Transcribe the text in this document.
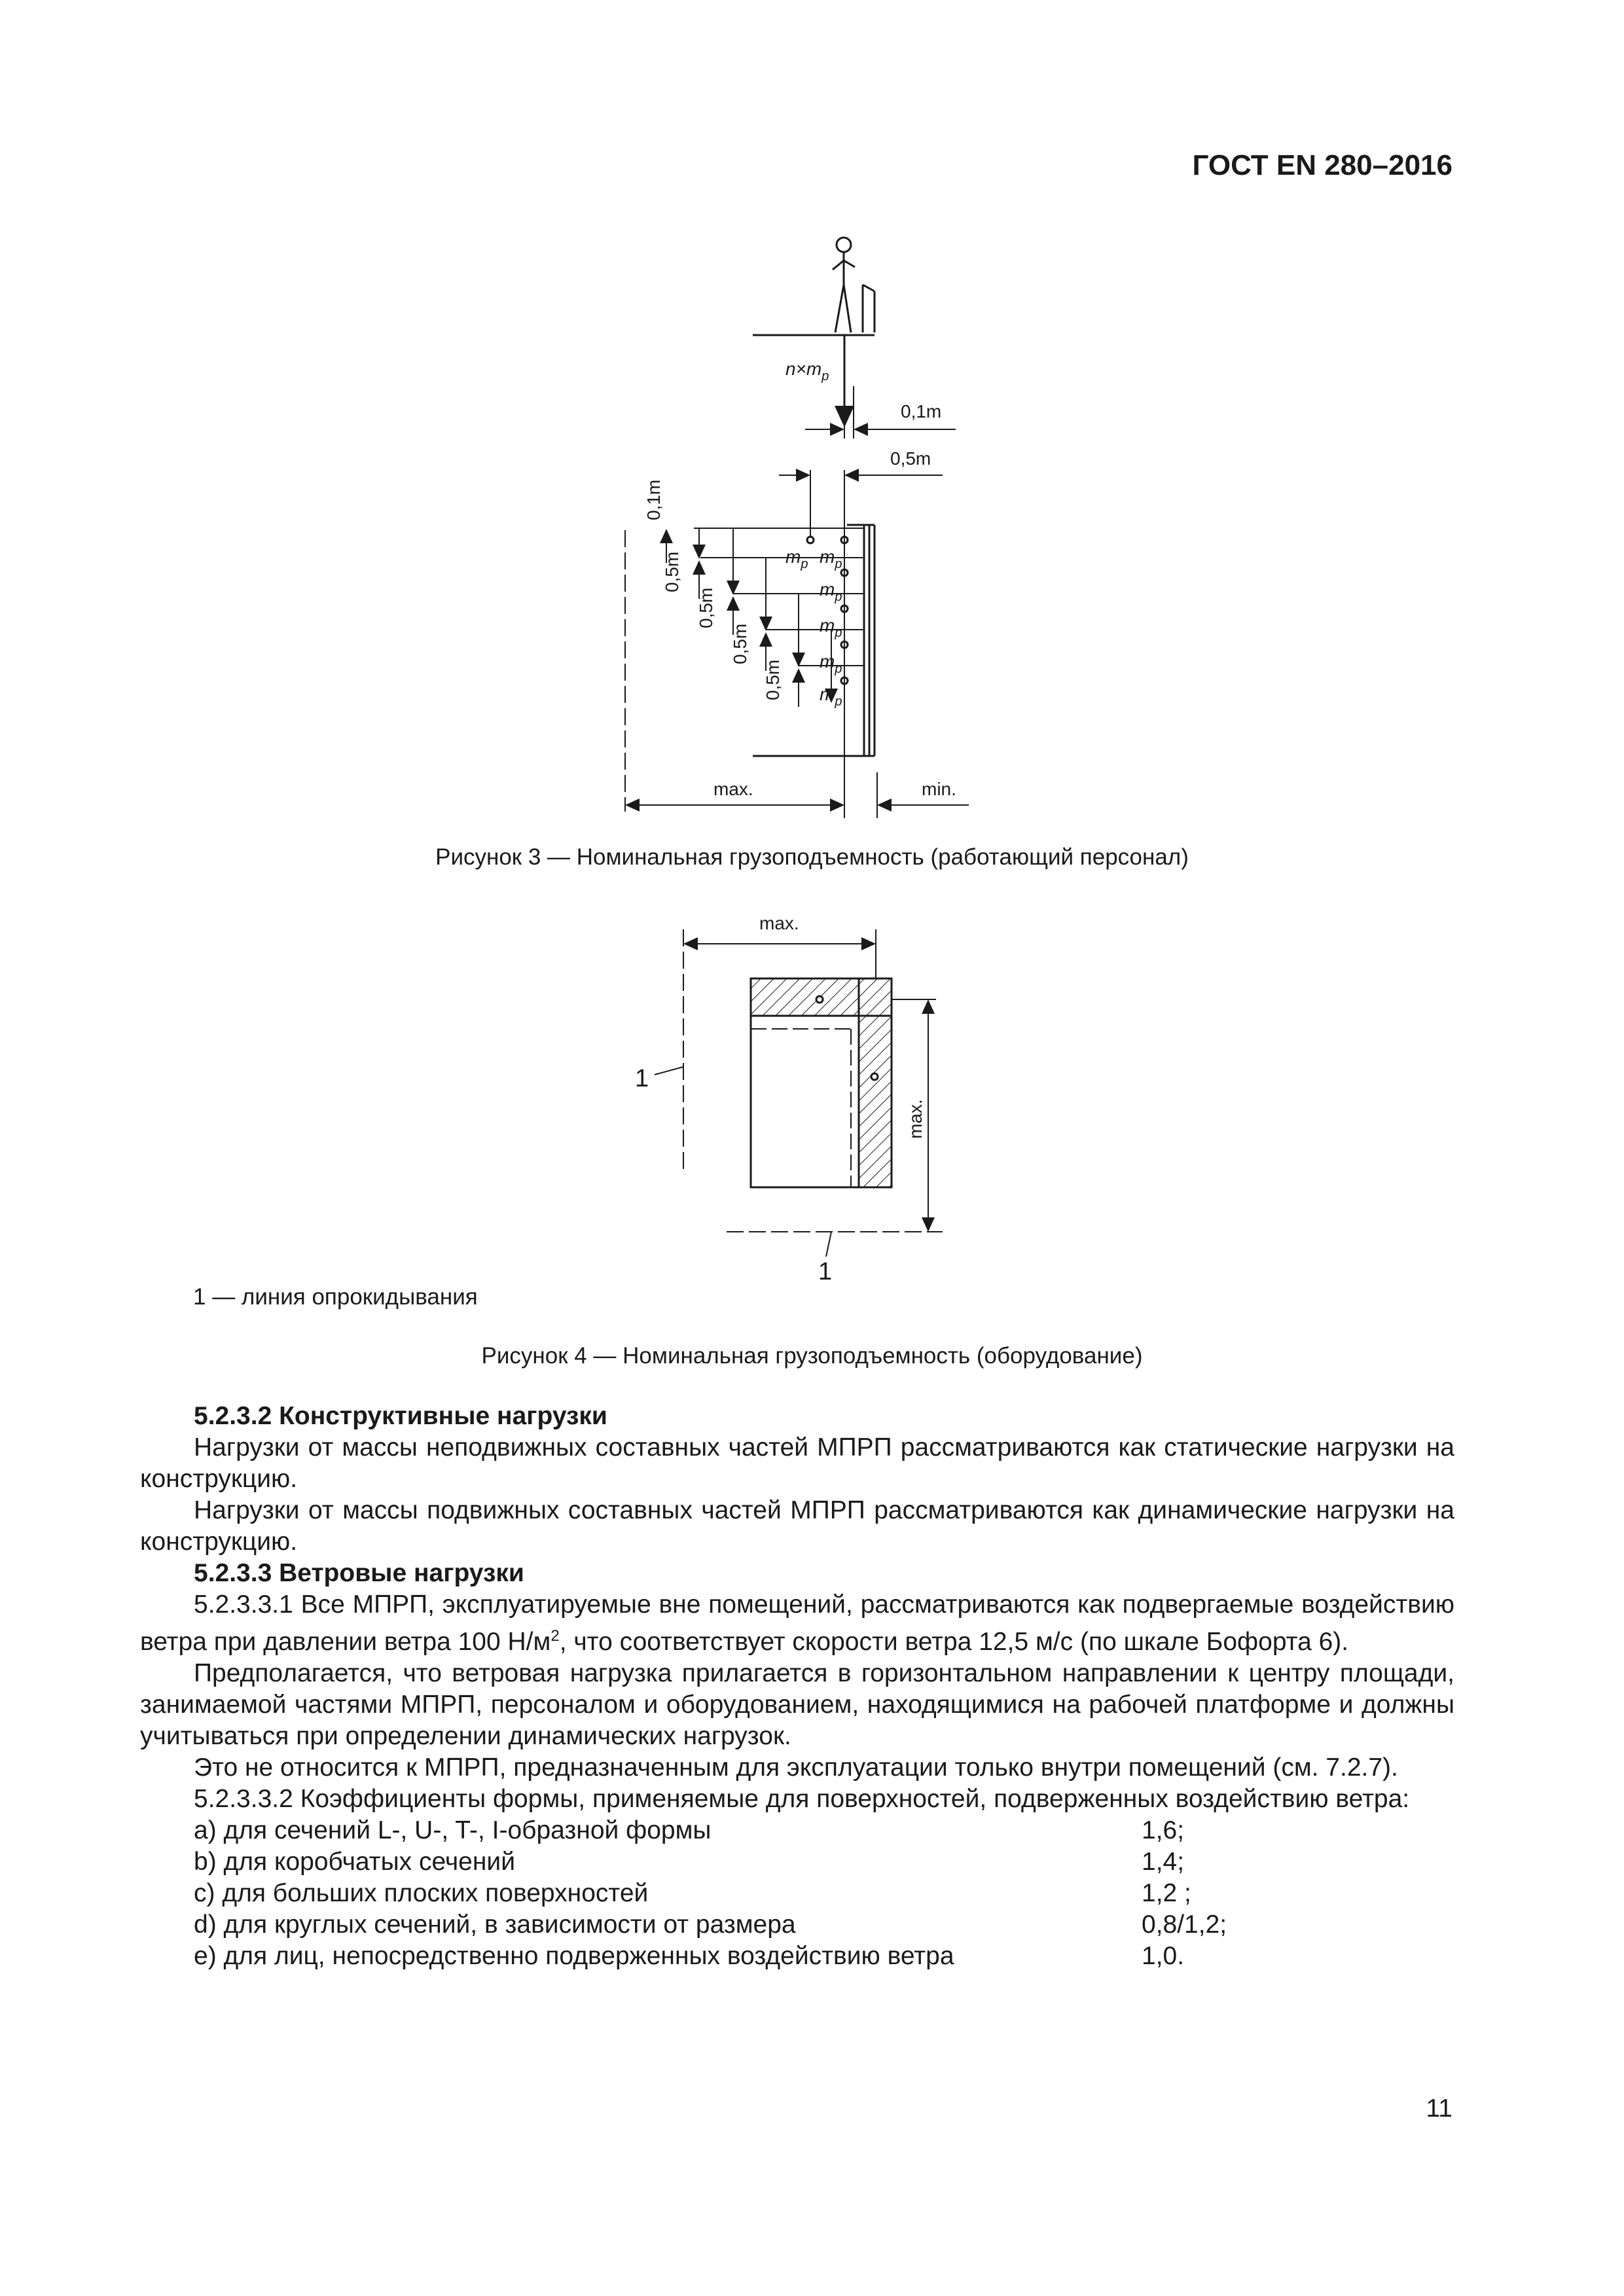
ГОСТ EN 280–2016
$n\times m_p$
$m_p$ $m_p$
$m_p$
$m_p$
$m_p$
$m_p$
0,1m
0,5m
0,1m
0,5m
0,5m
0,5m
0,5m
max.	min.
Рисунок 3 — Номинальная грузоподъемность (работающий персонал)
max.
max.
1
1
1 — линия опрокидывания
Рисунок 4 — Номинальная грузоподъемность (оборудование)

5.2.3.2 Конструктивные нагрузки

Нагрузки от массы неподвижных составных частей МПРП рассматриваются как статические нагрузки на конструкцию.

Нагрузки от массы подвижных составных частей МПРП рассматриваются как динамические нагрузки на конструкцию.

5.2.3.3 Ветровые нагрузки

5.2.3.3.1 Все МПРП, эксплуатируемые вне помещений, рассматриваются как подвергаемые воздействию ветра при давлении ветра 100 $Н/м^2$, что соответствует скорости ветра 12,5 м/с (по шкале Бофорта 6).

Предполагается, что ветровая нагрузка прилагается в горизонтальном направлении к центру площади, занимаемой частями МПРП, персоналом и оборудованием, находящимися на рабочей платформе и должны учитываться при определении динамических нагрузок.

Это не относится к МПРП, предназначенным для эксплуатации только внутри помещений (см. 7.2.7).

5.2.3.3.2 Коэффициенты формы, применяемые для поверхностей, подверженных воздействию ветра:

a) для сечений L-, U-, T-, I-образной формы	1,6;
b) для коробчатых сечений	1,4;
c) для больших плоских поверхностей	1,2 ;
d) для круглых сечений, в зависимости от размера	0,8/1,2;
e) для лиц, непосредственно подверженных воздействию ветра	1,0.
11
